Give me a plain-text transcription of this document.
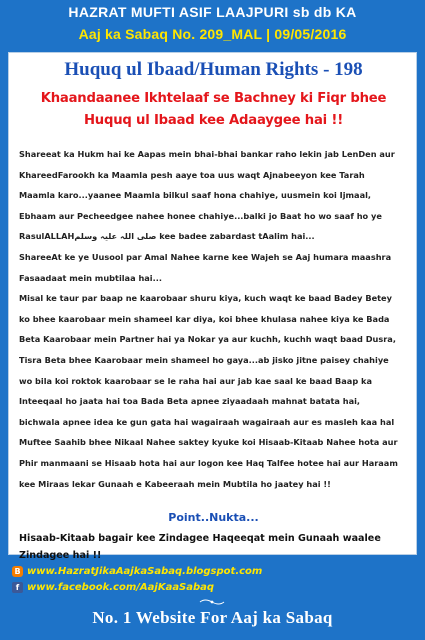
HAZRAT MUFTI ASIF LAAJPURI sb db KA
Aaj ka Sabaq No. 209_MAL | 09/05/2016
Huquq ul Ibaad/Human Rights - 198
Khaandaanee Ikhtelaaf se Bachney ki Fiqr bhee
Huquq ul Ibaad kee Adaaygee hai !!
Shareeat ka Hukm hai ke Aapas mein bhai-bhai bankar raho lekin jab LenDen aur
KhareedFarookh ka Maamla pesh aaye toa uus waqt Ajnabeeyon kee Tarah
Maamla karo...yaanee Maamla bilkul saaf hona chahiye, uusmein koi Ijmaal,
Ebhaam aur Pecheedgee nahee honee chahiye...balki jo Baat ho wo saaf ho ye
RasulALLAHصلی اللہ علیہ وسلم kee badee zabardast tAalim hai...
ShareeAt ke ye Uusool par Amal Nahee karne kee Wajeh se Aaj humara maashra
Fasaadaat mein mubtilaa hai...
Misal ke taur par baap ne kaarobaar shuru kiya, kuch waqt ke baad Badey Betey
ko bhee kaarobaar mein shameel kar diya, koi bhee khulasa nahee kiya ke Bada
Beta Kaarobaar mein Partner hai ya Nokar ya aur kuchh, kuchh waqt baad Dusra,
Tisra Beta bhee Kaarobaar mein shameel ho gaya...ab jisko jitne paisey chahiye
wo bila koi roktok kaarobaar se le raha hai aur jab kae saal ke baad Baap ka
Inteeqaal ho jaata hai toa Bada Beta apnee ziyaadaah mahnat batata hai,
bichwala apnee idea ke gun gata hai wagairaah wagairaah aur es masleh kaa hal
Muftee Saahib bhee Nikaal Nahee saktey kyuke koi Hisaab-Kitaab Nahee hota aur
Phir manmaani se Hisaab hota hai aur logon kee Haq Talfee hotee hai aur Haraam
kee Miraas lekar Gunaah e Kabeeraah mein Mubtila ho jaatey hai !!
Point..Nukta...
Hisaab-Kitaab bagair kee Zindagee Haqeeqat mein Gunaah waalee
Zindagee hai !!
B www.HazratJikaAajkaSabaq.blogspot.com
f www.facebook.com/AajKaaSabaq
No. 1 Website For Aaj ka Sabaq
